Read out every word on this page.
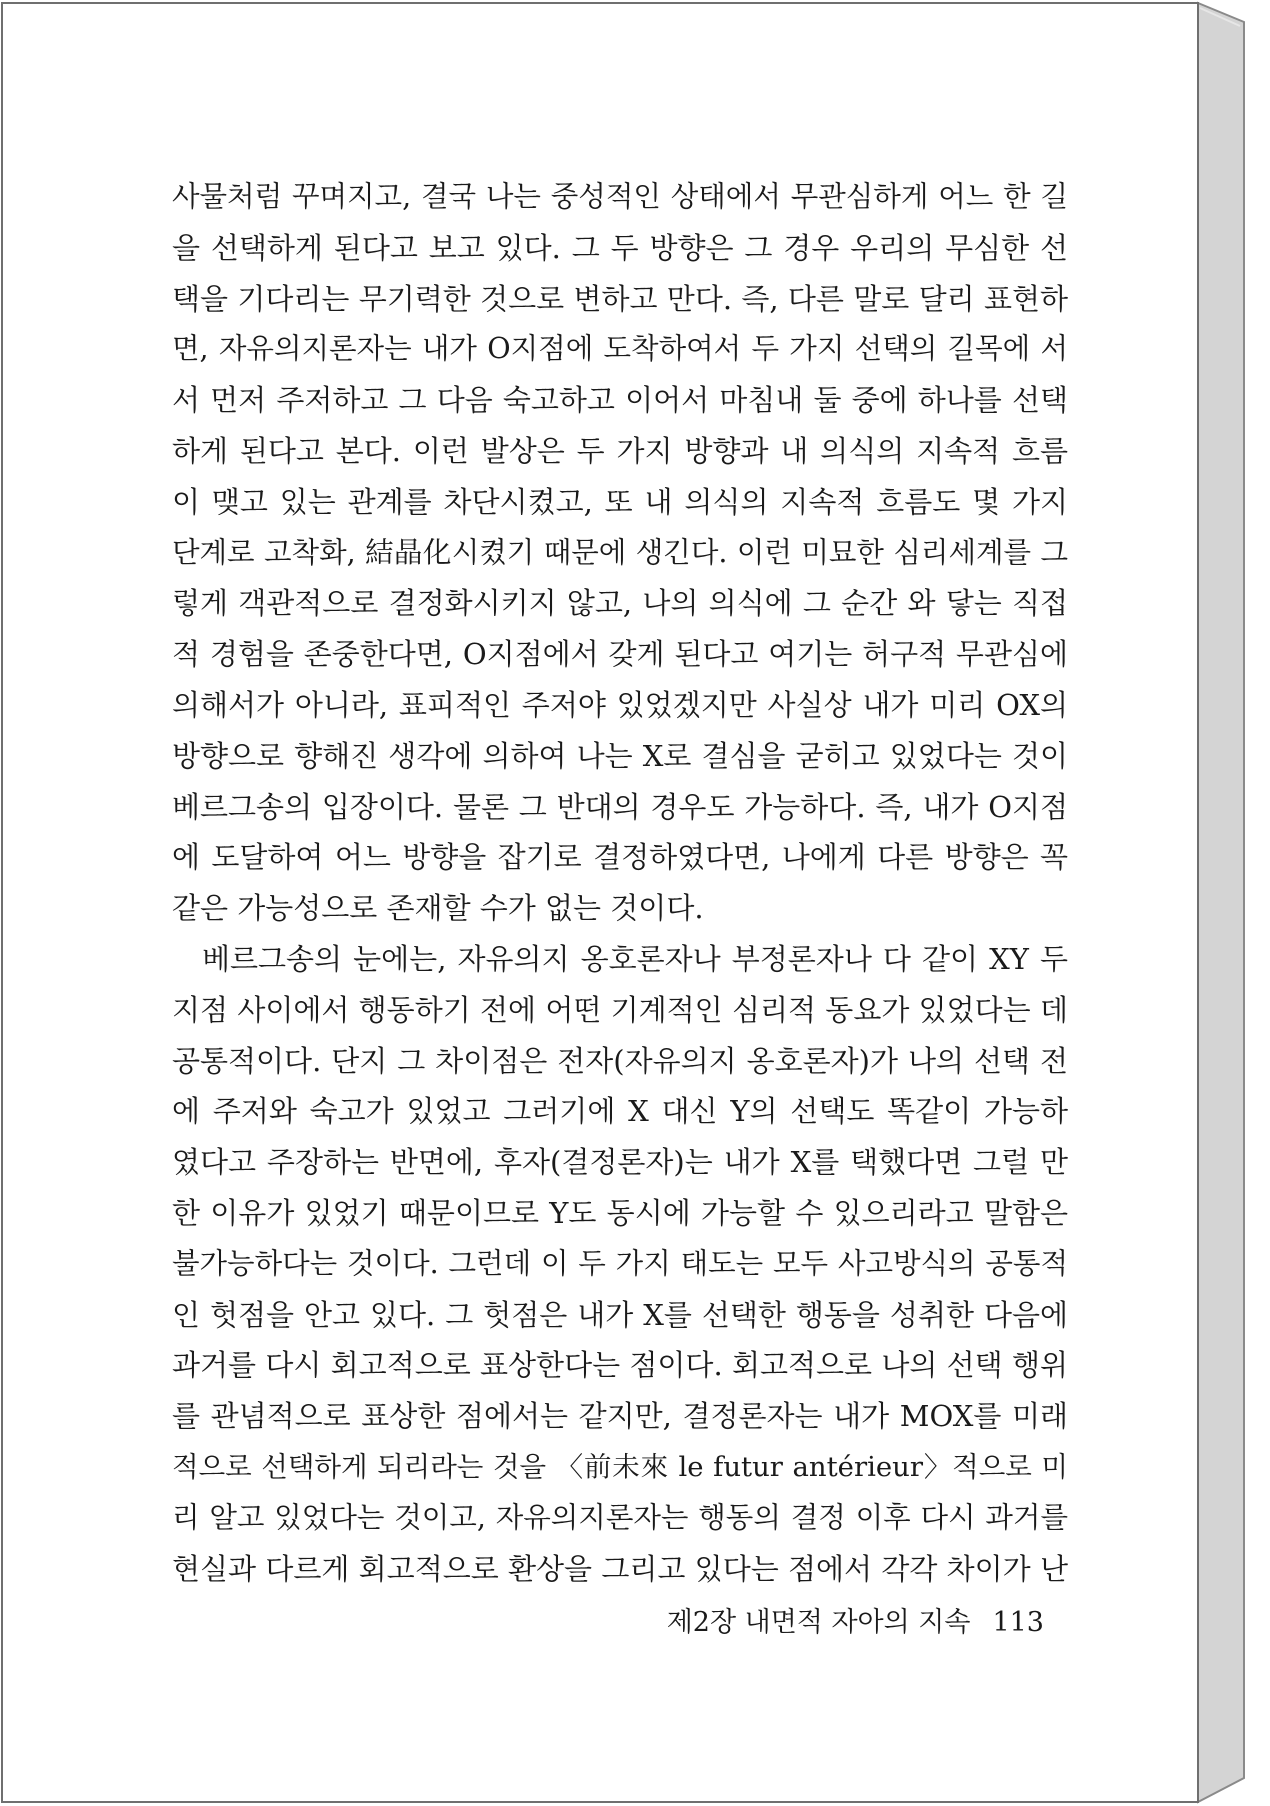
사물처럼 꾸며지고, 결국 나는 중성적인 상태에서 무관심하게 어느 한 길
을 선택하게 된다고 보고 있다. 그 두 방향은 그 경우 우리의 무심한 선
택을 기다리는 무기력한 것으로 변하고 만다. 즉, 다른 말로 달리 표현하
면, 자유의지론자는 내가 O지점에 도착하여서 두 가지 선택의 길목에 서
서 먼저 주저하고 그 다음 숙고하고 이어서 마침내 둘 중에 하나를 선택
하게 된다고 본다. 이런 발상은 두 가지 방향과 내 의식의 지속적 흐름
이 맺고 있는 관계를 차단시켰고, 또 내 의식의 지속적 흐름도 몇 가지
단계로 고착화, 結晶化시켰기 때문에 생긴다. 이런 미묘한 심리세계를 그
렇게 객관적으로 결정화시키지 않고, 나의 의식에 그 순간 와 닿는 직접
적 경험을 존중한다면, O지점에서 갖게 된다고 여기는 허구적 무관심에
의해서가 아니라, 표피적인 주저야 있었겠지만 사실상 내가 미리 OX의
방향으로 향해진 생각에 의하여 나는 X로 결심을 굳히고 있었다는 것이
베르그송의 입장이다. 물론 그 반대의 경우도 가능하다. 즉, 내가 O지점
에 도달하여 어느 방향을 잡기로 결정하였다면, 나에게 다른 방향은 꼭
같은 가능성으로 존재할 수가 없는 것이다.
베르그송의 눈에는, 자유의지 옹호론자나 부정론자나 다 같이 XY 두
지점 사이에서 행동하기 전에 어떤 기계적인 심리적 동요가 있었다는 데
공통적이다. 단지 그 차이점은 전자(자유의지 옹호론자)가 나의 선택 전
에 주저와 숙고가 있었고 그러기에 X 대신 Y의 선택도 똑같이 가능하
였다고 주장하는 반면에, 후자(결정론자)는 내가 X를 택했다면 그럴 만
한 이유가 있었기 때문이므로 Y도 동시에 가능할 수 있으리라고 말함은
불가능하다는 것이다. 그런데 이 두 가지 태도는 모두 사고방식의 공통적
인 헛점을 안고 있다. 그 헛점은 내가 X를 선택한 행동을 성취한 다음에
과거를 다시 회고적으로 표상한다는 점이다. 회고적으로 나의 선택 행위
를 관념적으로 표상한 점에서는 같지만, 결정론자는 내가 MOX를 미래
적으로 선택하게 되리라는 것을 〈前未來 le futur antérieur〉적으로 미
리 알고 있었다는 것이고, 자유의지론자는 행동의 결정 이후 다시 과거를
현실과 다르게 회고적으로 환상을 그리고 있다는 점에서 각각 차이가 난
제2장 내면적 자아의 지속 113
